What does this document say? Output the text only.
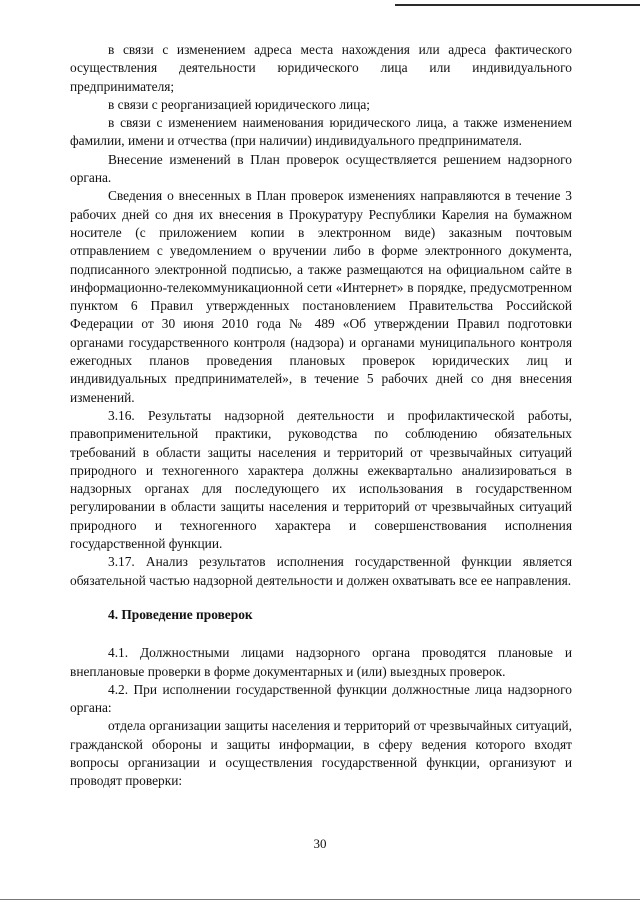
в связи с изменением адреса места нахождения или адреса фактического осуществления деятельности юридического лица или индивидуального предпринимателя;

в связи с реорганизацией юридического лица;

в связи с изменением наименования юридического лица, а также изменением фамилии, имени и отчества (при наличии) индивидуального предпринимателя.

Внесение изменений в План проверок осуществляется решением надзорного органа.

Сведения о внесенных в План проверок изменениях направляются в течение 3 рабочих дней со дня их внесения в Прокуратуру Республики Карелия на бумажном носителе (с приложением копии в электронном виде) заказным почтовым отправлением с уведомлением о вручении либо в форме электронного документа, подписанного электронной подписью, а также размещаются на официальном сайте в информационно-телекоммуникационной сети «Интернет» в порядке, предусмотренном пунктом 6 Правил утвержденных постановлением Правительства Российской Федерации от 30 июня 2010 года № 489 «Об утверждении Правил подготовки органами государственного контроля (надзора) и органами муниципального контроля ежегодных планов проведения плановых проверок юридических лиц и индивидуальных предпринимателей», в течение 5 рабочих дней со дня внесения изменений.

3.16. Результаты надзорной деятельности и профилактической работы, правоприменительной практики, руководства по соблюдению обязательных требований в области защиты населения и территорий от чрезвычайных ситуаций природного и техногенного характера должны ежеквартально анализироваться в надзорных органах для последующего их использования в государственном регулировании в области защиты населения и территорий от чрезвычайных ситуаций природного и техногенного характера и совершенствования исполнения государственной функции.

3.17. Анализ результатов исполнения государственной функции является обязательной частью надзорной деятельности и должен охватывать все ее направления.

4. Проведение проверок

4.1. Должностными лицами надзорного органа проводятся плановые и внеплановые проверки в форме документарных и (или) выездных проверок.

4.2. При исполнении государственной функции должностные лица надзорного органа:

отдела организации защиты населения и территорий от чрезвычайных ситуаций, гражданской обороны и защиты информации, в сферу ведения которого входят вопросы организации и осуществления государственной функции, организуют и проводят проверки:

30
